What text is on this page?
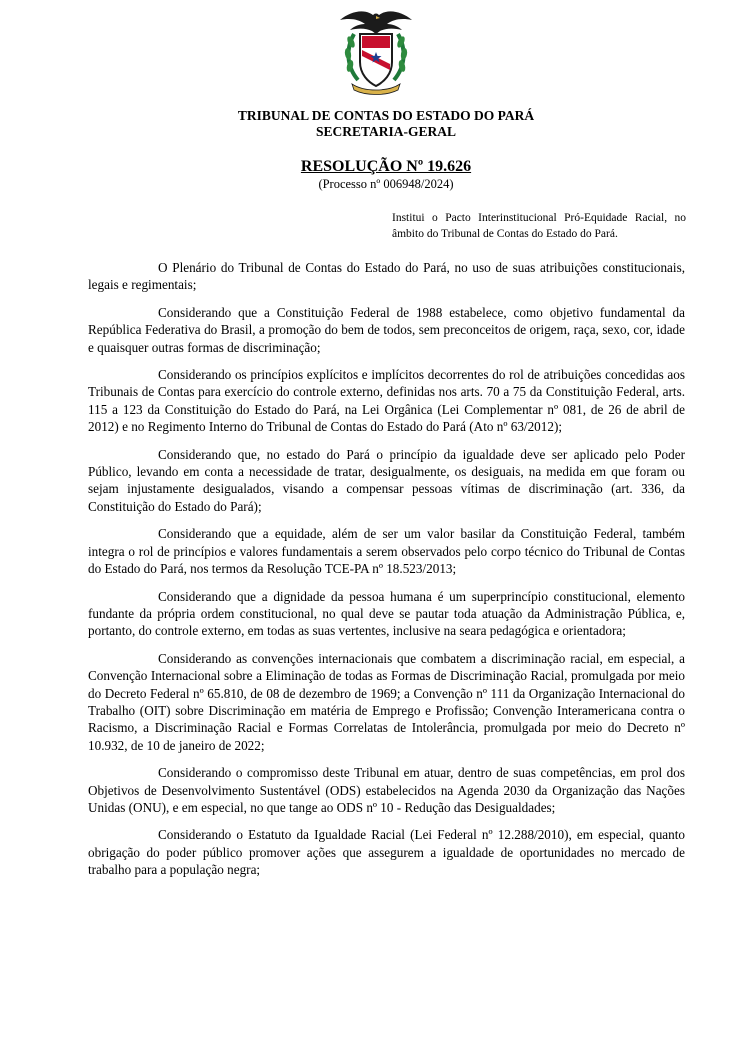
TRIBUNAL DE CONTAS DO ESTADO DO PARÁ
SECRETARIA-GERAL
RESOLUÇÃO Nº 19.626
(Processo nº 006948/2024)
Institui o Pacto Interinstitucional Pró-Equidade Racial, no âmbito do Tribunal de Contas do Estado do Pará.

O Plenário do Tribunal de Contas do Estado do Pará, no uso de suas atribuições constitucionais, legais e regimentais;

Considerando que a Constituição Federal de 1988 estabelece, como objetivo fundamental da República Federativa do Brasil, a promoção do bem de todos, sem preconceitos de origem, raça, sexo, cor, idade e quaisquer outras formas de discriminação;

Considerando os princípios explícitos e implícitos decorrentes do rol de atribuições concedidas aos Tribunais de Contas para exercício do controle externo, definidas nos arts. 70 a 75 da Constituição Federal, arts. 115 a 123 da Constituição do Estado do Pará, na Lei Orgânica (Lei Complementar nº 081, de 26 de abril de 2012) e no Regimento Interno do Tribunal de Contas do Estado do Pará (Ato nº 63/2012);

Considerando que, no estado do Pará o princípio da igualdade deve ser aplicado pelo Poder Público, levando em conta a necessidade de tratar, desigualmente, os desiguais, na medida em que foram ou sejam injustamente desigualados, visando a compensar pessoas vítimas de discriminação (art. 336, da Constituição do Estado do Pará);

Considerando que a equidade, além de ser um valor basilar da Constituição Federal, também integra o rol de princípios e valores fundamentais a serem observados pelo corpo técnico do Tribunal de Contas do Estado do Pará, nos termos da Resolução TCE-PA nº 18.523/2013;

Considerando que a dignidade da pessoa humana é um superprincípio constitucional, elemento fundante da própria ordem constitucional, no qual deve se pautar toda atuação da Administração Pública, e, portanto, do controle externo, em todas as suas vertentes, inclusive na seara pedagógica e orientadora;

Considerando as convenções internacionais que combatem a discriminação racial, em especial, a Convenção Internacional sobre a Eliminação de todas as Formas de Discriminação Racial, promulgada por meio do Decreto Federal nº 65.810, de 08 de dezembro de 1969; a Convenção nº 111 da Organização Internacional do Trabalho (OIT) sobre Discriminação em matéria de Emprego e Profissão; Convenção Interamericana contra o Racismo, a Discriminação Racial e Formas Correlatas de Intolerância, promulgada por meio do Decreto nº 10.932, de 10 de janeiro de 2022;

Considerando o compromisso deste Tribunal em atuar, dentro de suas competências, em prol dos Objetivos de Desenvolvimento Sustentável (ODS) estabelecidos na Agenda 2030 da Organização das Nações Unidas (ONU), e em especial, no que tange ao ODS nº 10 - Redução das Desigualdades;

Considerando o Estatuto da Igualdade Racial (Lei Federal nº 12.288/2010), em especial, quanto obrigação do poder público promover ações que assegurem a igualdade de oportunidades no mercado de trabalho para a população negra;
